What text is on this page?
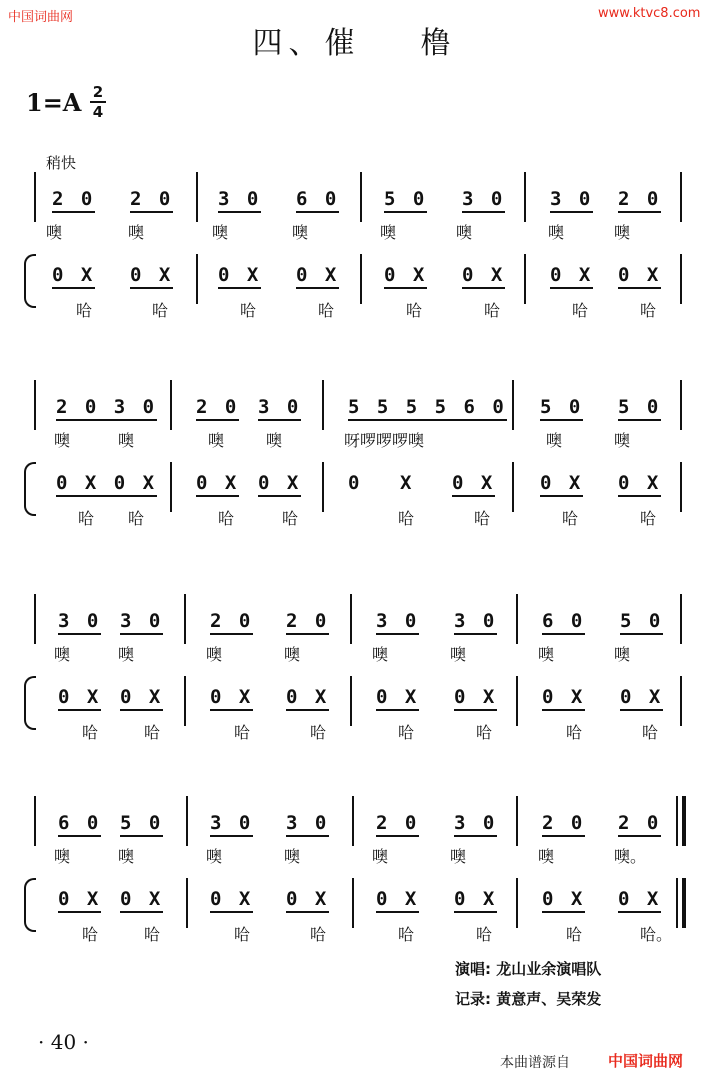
中国词曲网	www.ktvc8.com
四、催 橹
1=A 2
4
稍快
2 0 2 0 3 0 6 0 5 0 3 0 3 0 2 0
噢	噢	噢	噢	噢	噢	噢	噢
0 X 0 X 0 X 0 X 0 X 0 X 0 X 0 X
哈	哈	哈	哈	哈	哈	哈	哈
2 0 3 0 2 0 3 0 5 5 5 5 6 0 5 0 5 0
噢	噢	噢	噢	呀啰啰啰噢	噢	噢
0 X 0 X 0 X 0 X 0 X 0 X 0 X 0 X
哈 哈	哈	哈	哈	哈	哈	哈
3 0 3 0 2 0 2 0 3 0 3 0 6 0 5 0
噢	噢	噢	噢	噢	噢	噢	噢
0 X 0 X 0 X 0 X 0 X 0 X 0 X 0 X
哈	哈	哈	哈	哈	哈	哈	哈
6 0 5 0 3 0 3 0 2 0 3 0 2 0 2 0
噢	噢	噢	噢	噢	噢	噢	噢。
0 X 0 X 0 X 0 X 0 X 0 X 0 X 0 X
哈	哈	哈	哈	哈	哈	哈	哈。
演唱: 龙山业余演唱队
记录: 黄意声、吴荣发
· 40 ·
本曲谱源自	中国词曲网
